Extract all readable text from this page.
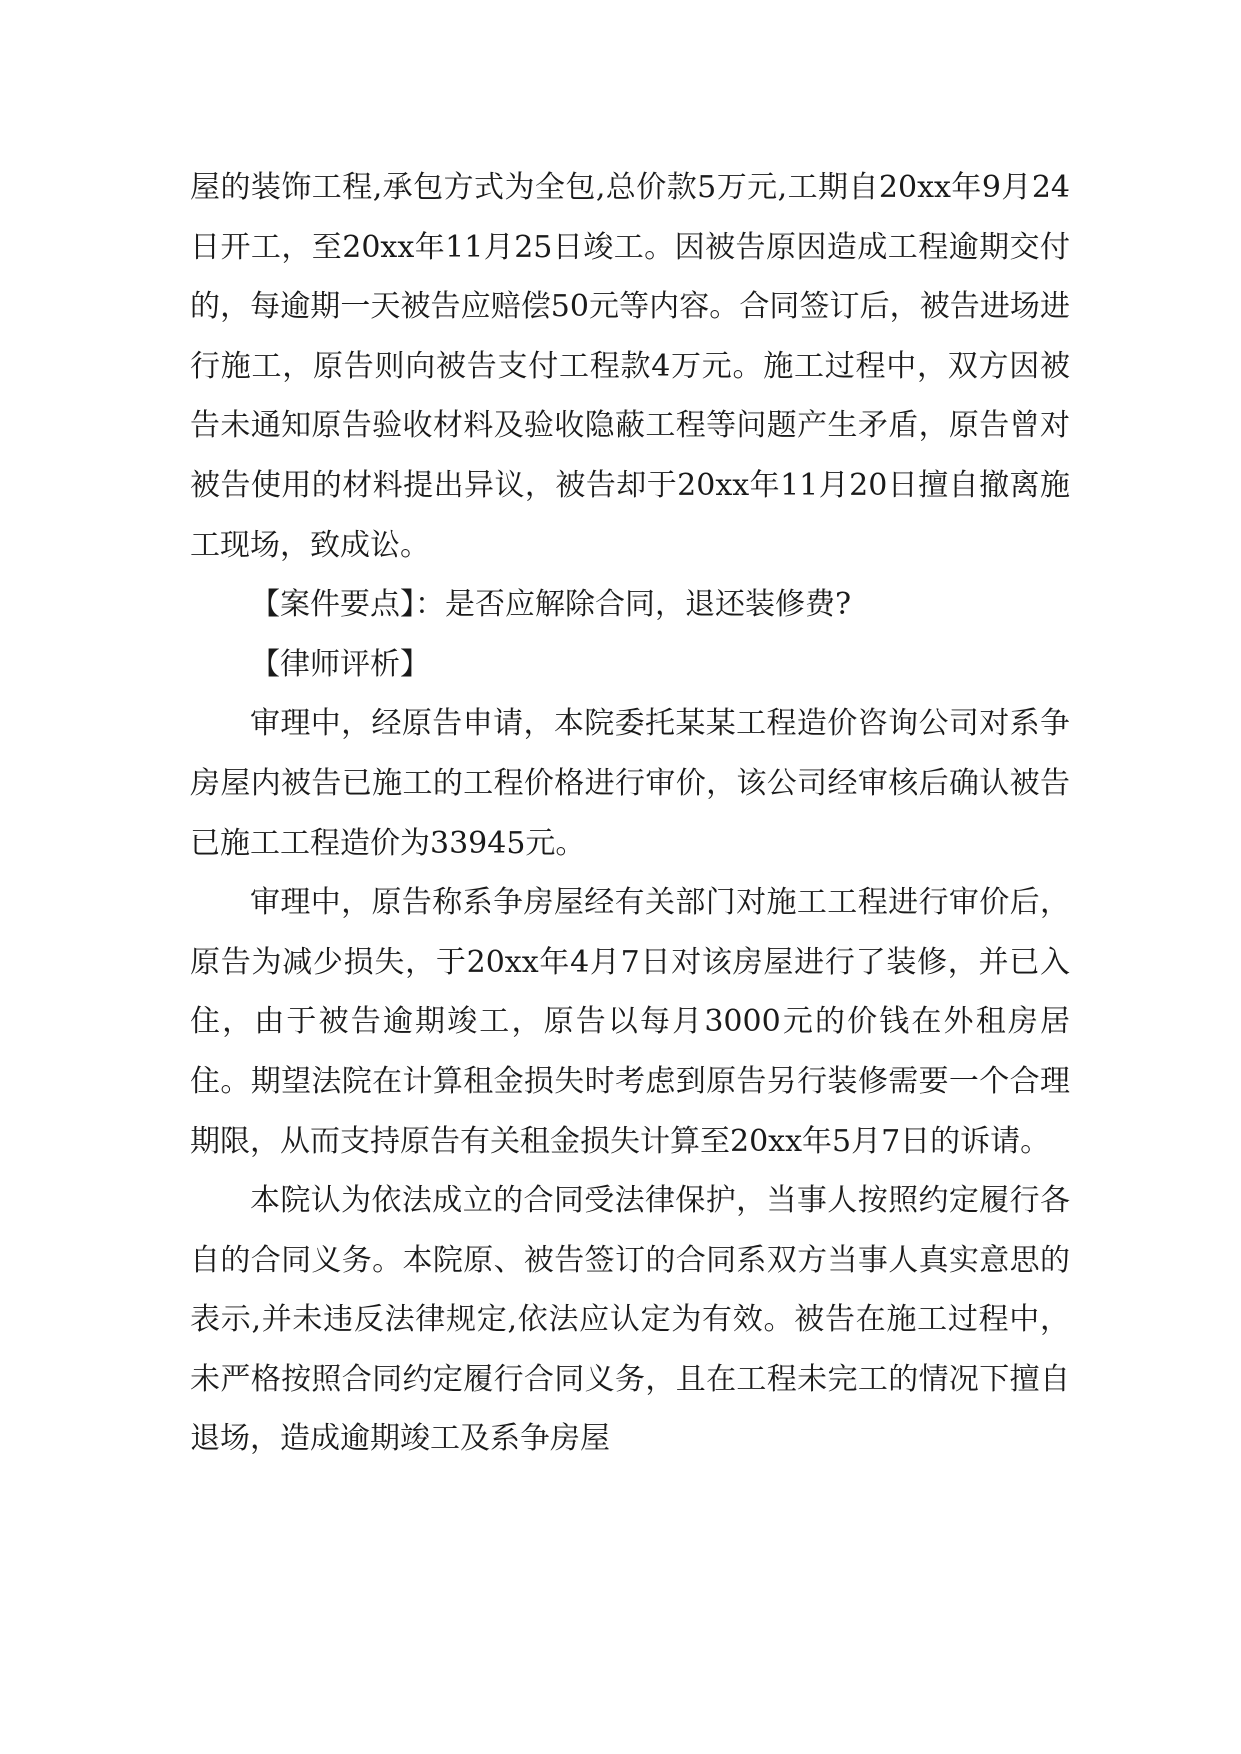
屋的装饰工程,承包方式为全包,总价款5万元,工期自20xx年9月24日开工，至20xx年11月25日竣工。因被告原因造成工程逾期交付的，每逾期一天被告应赔偿50元等内容。合同签订后，被告进场进行施工，原告则向被告支付工程款4万元。施工过程中，双方因被告未通知原告验收材料及验收隐蔽工程等问题产生矛盾，原告曾对被告使用的材料提出异议，被告却于20xx年11月20日擅自撤离施工现场，致成讼。

【案件要点】：是否应解除合同，退还装修费?

【律师评析】

审理中，经原告申请，本院委托某某工程造价咨询公司对系争房屋内被告已施工的工程价格进行审价，该公司经审核后确认被告已施工工程造价为33945元。

审理中，原告称系争房屋经有关部门对施工工程进行审价后，原告为减少损失，于20xx年4月7日对该房屋进行了装修，并已入住，由于被告逾期竣工，原告以每月3000元的价钱在外租房居住。期望法院在计算租金损失时考虑到原告另行装修需要一个合理期限，从而支持原告有关租金损失计算至20xx年5月7日的诉请。

本院认为依法成立的合同受法律保护，当事人按照约定履行各自的合同义务。本院原、被告签订的合同系双方当事人真实意思的表示,并未违反法律规定,依法应认定为有效。被告在施工过程中，未严格按照合同约定履行合同义务，且在工程未完工的情况下擅自退场，造成逾期竣工及系争房屋
